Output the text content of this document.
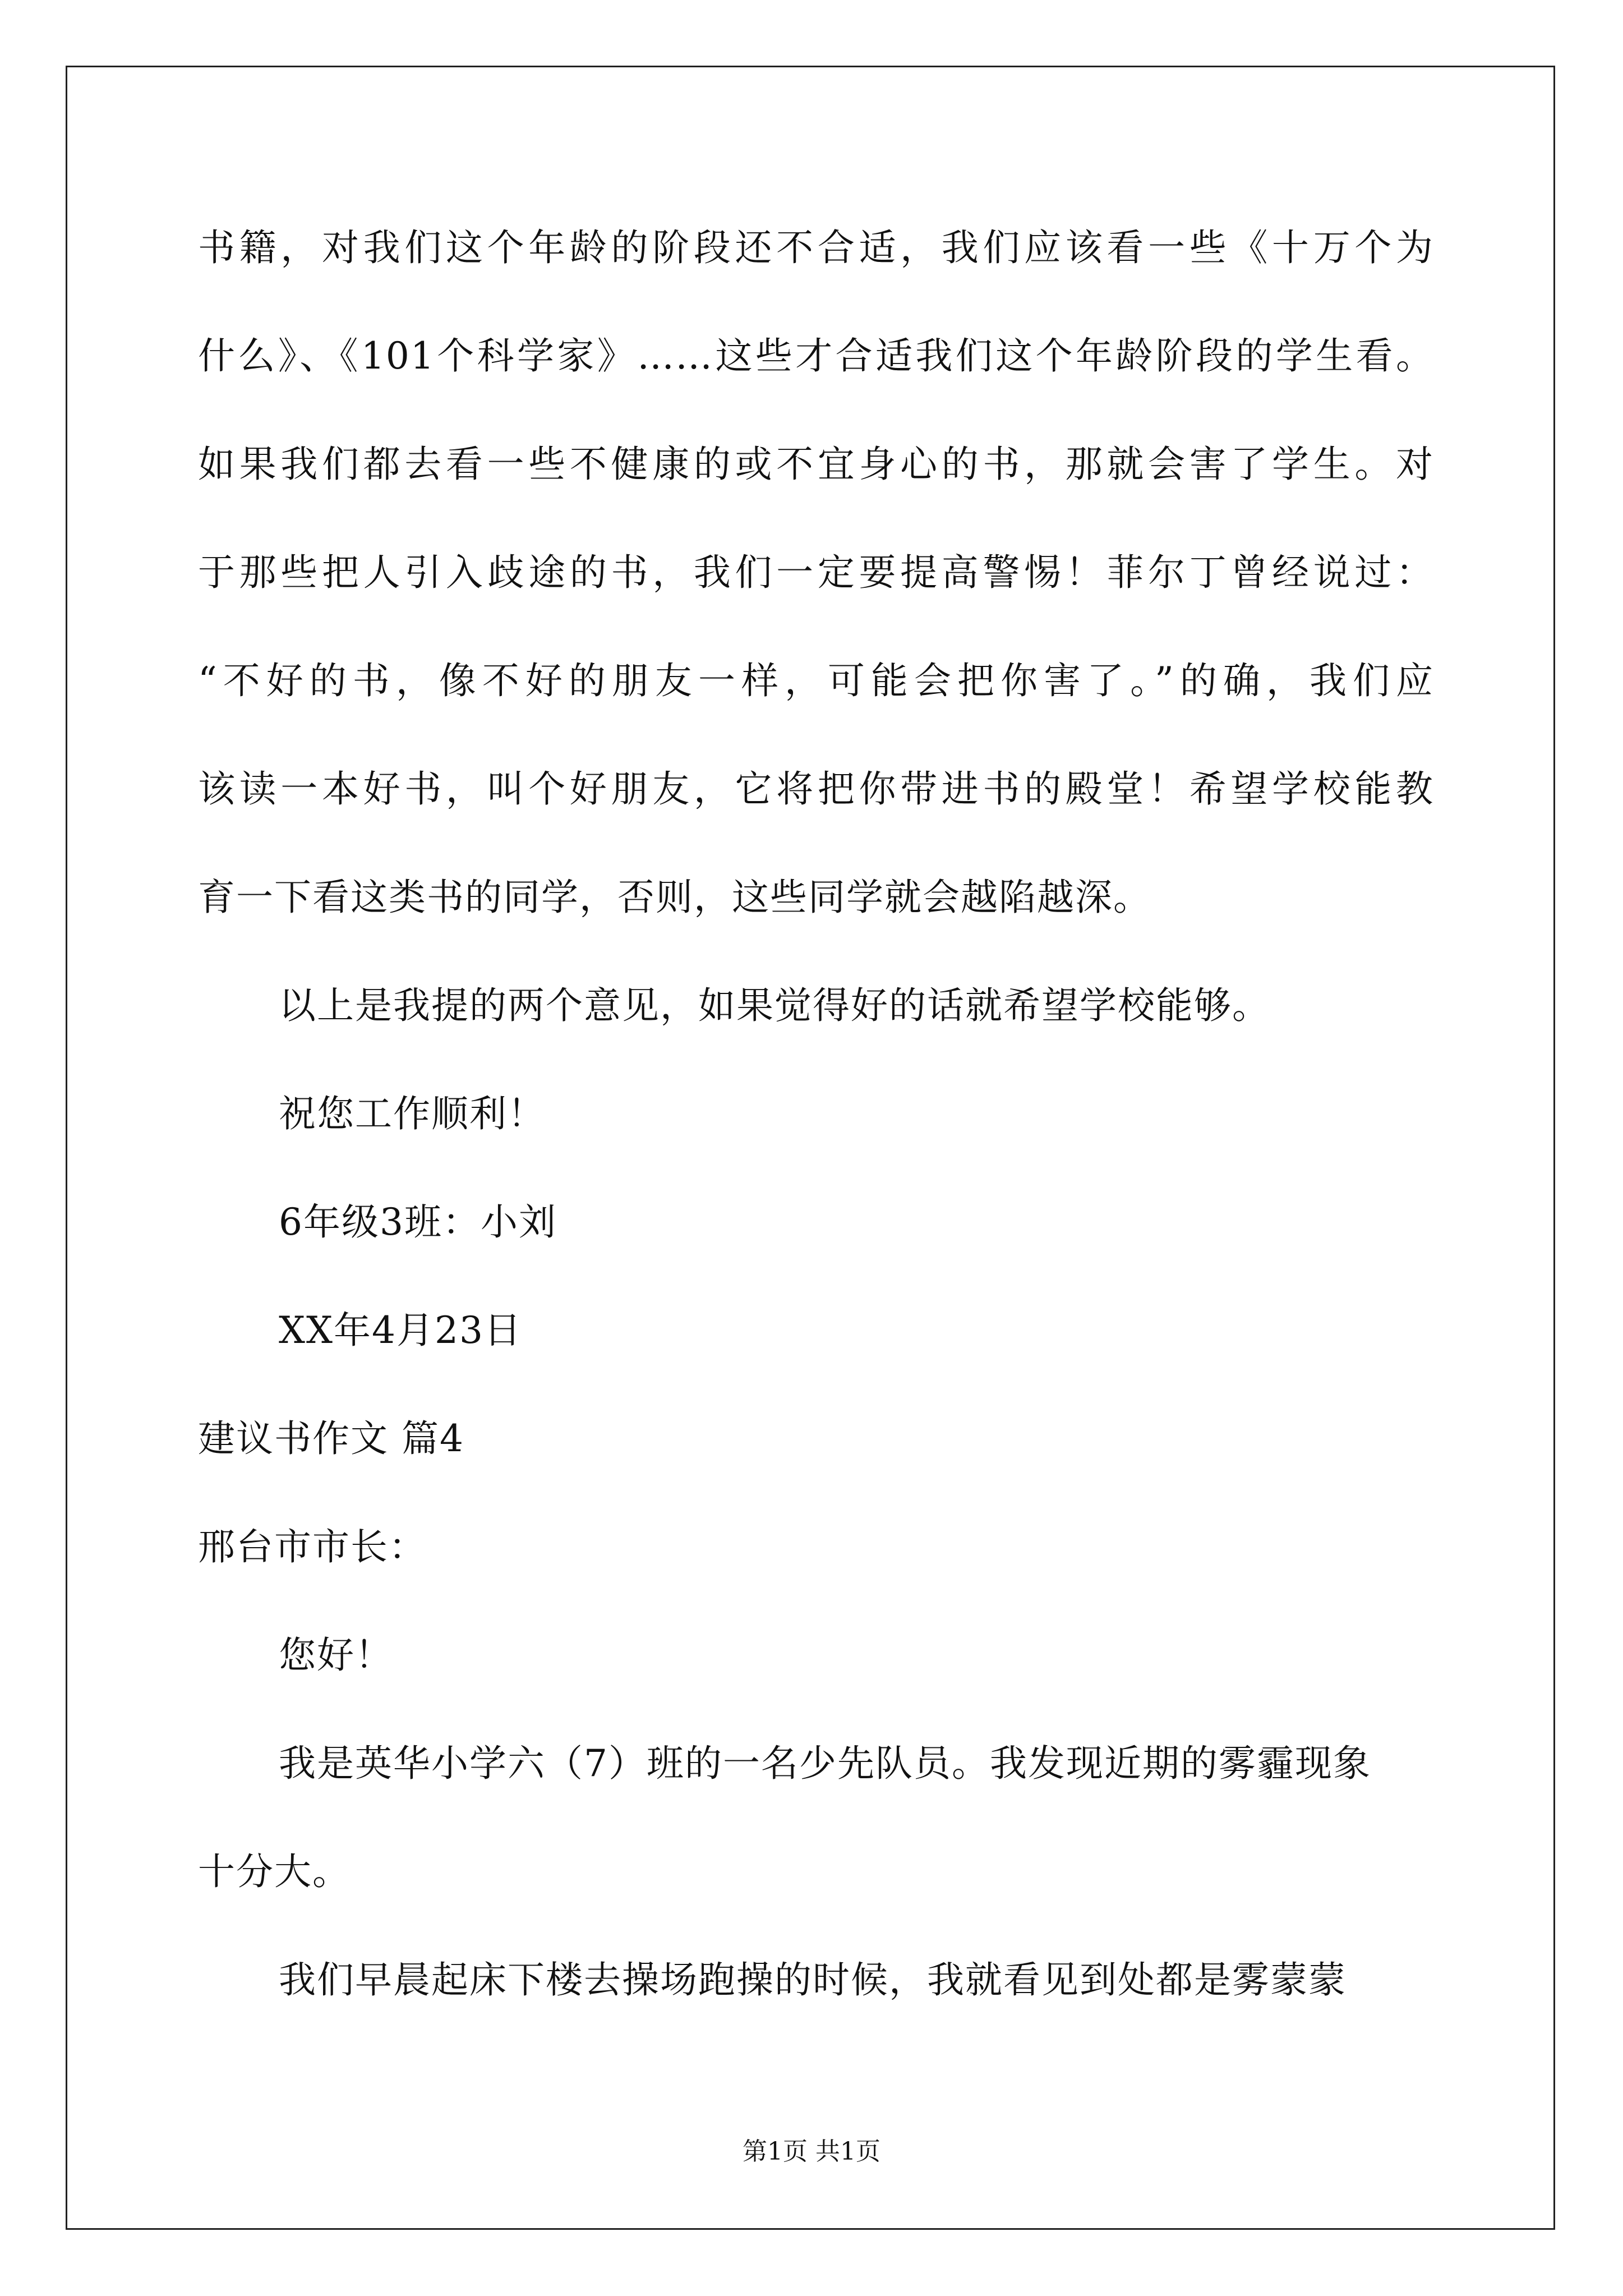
书籍，对我们这个年龄的阶段还不合适，我们应该看一些《十万个为
什么》、《101个科学家》……这些才合适我们这个年龄阶段的学生看。
如果我们都去看一些不健康的或不宜身心的书，那就会害了学生。对
于那些把人引入歧途的书，我们一定要提高警惕！菲尔丁曾经说过：
“不好的书，像不好的朋友一样，可能会把你害了。”的确，我们应
该读一本好书，叫个好朋友，它将把你带进书的殿堂！希望学校能教
育一下看这类书的同学，否则，这些同学就会越陷越深。
以上是我提的两个意见，如果觉得好的话就希望学校能够。
祝您工作顺利！
6年级3班：小刘
XX年4月23日
建议书作文 篇4
邢台市市长：
您好！
我是英华小学六（7）班的一名少先队员。我发现近期的雾霾现象
十分大。
我们早晨起床下楼去操场跑操的时候，我就看见到处都是雾蒙蒙
第1页 共1页
